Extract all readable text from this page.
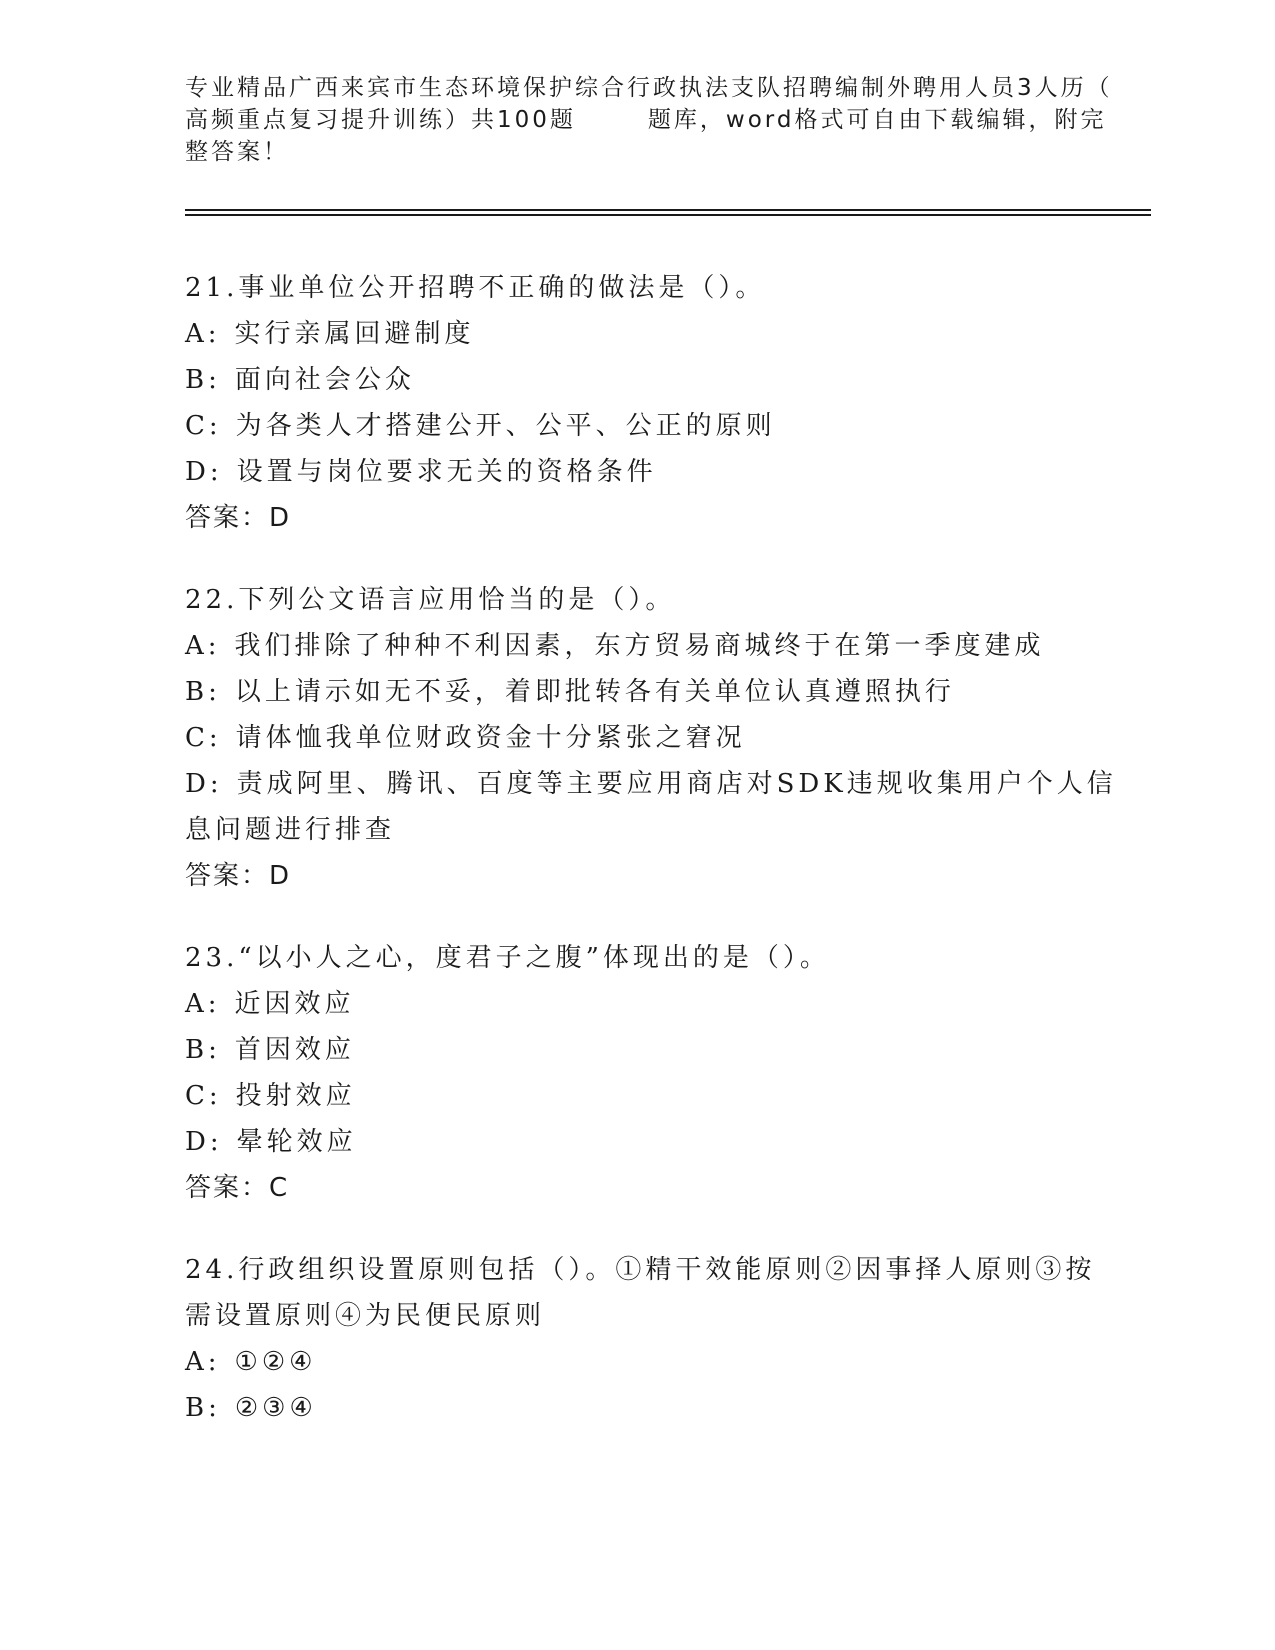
专业精品广西来宾市生态环境保护综合行政执法支队招聘编制外聘用人员3人历（
高频重点复习提升训练）共100题	题库，word格式可自由下载编辑，附完
整答案！
21.事业单位公开招聘不正确的做法是（）。
A: 实行亲属回避制度
B: 面向社会公众
C: 为各类人才搭建公开、公平、公正的原则
D: 设置与岗位要求无关的资格条件
答案：D
22.下列公文语言应用恰当的是（）。
A: 我们排除了种种不利因素，东方贸易商城终于在第一季度建成
B: 以上请示如无不妥，着即批转各有关单位认真遵照执行
C: 请体恤我单位财政资金十分紧张之窘况
D: 责成阿里、腾讯、百度等主要应用商店对SDK违规收集用户个人信
息问题进行排查
答案：D
23.“以小人之心，度君子之腹”体现出的是（）。
A: 近因效应
B: 首因效应
C: 投射效应
D: 晕轮效应
答案：C
24.行政组织设置原则包括（）。①精干效能原则②因事择人原则③按
需设置原则④为民便民原则
A: ①②④
B: ②③④
